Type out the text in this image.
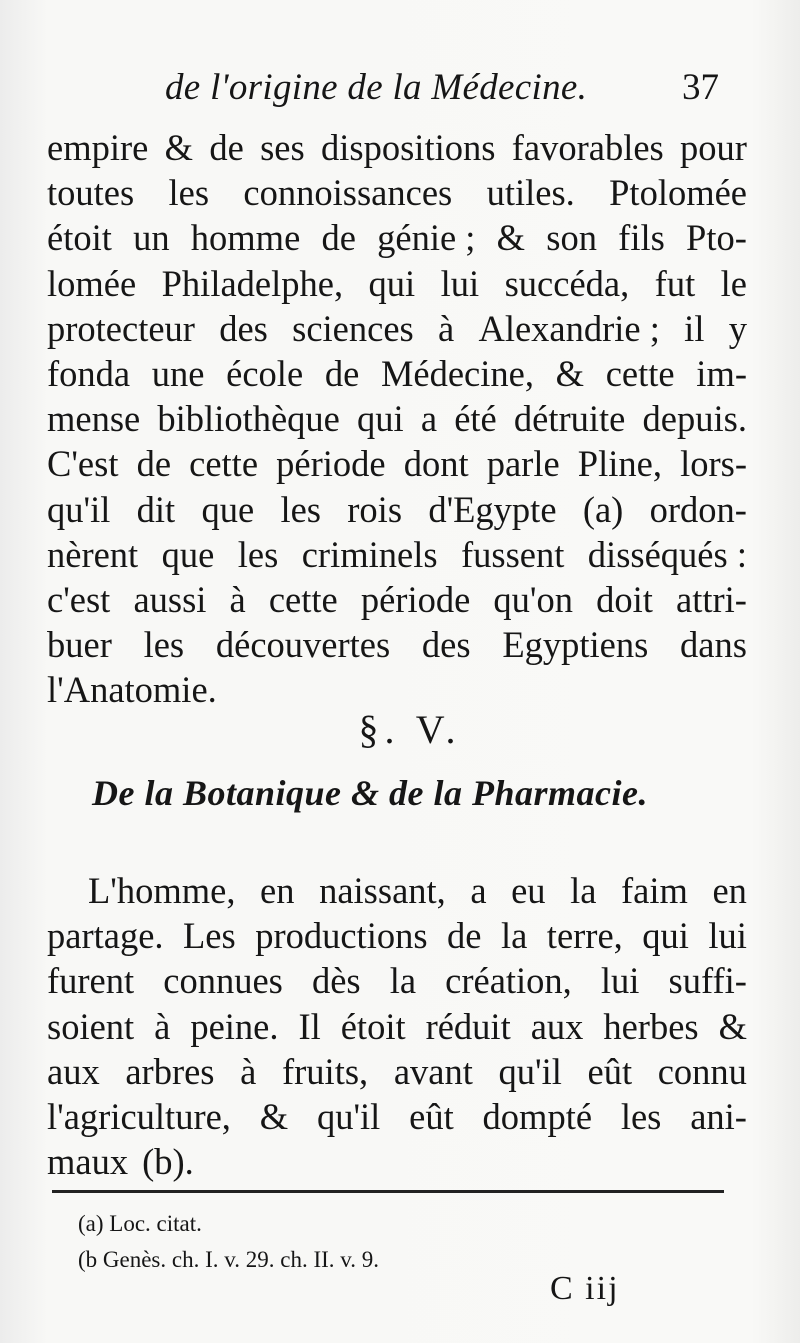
de l'origine de la Médecine.	37
empire & de ses dispositions favorables pour
toutes les connoissances utiles. Ptolomée
étoit un homme de génie ; & son fils Pto-
lomée Philadelphe, qui lui succéda, fut le
protecteur des sciences à Alexandrie ; il y
fonda une école de Médecine, & cette im-
mense bibliothèque qui a été détruite depuis.
C'est de cette période dont parle Pline, lors-
qu'il dit que les rois d'Egypte (a) ordon-
nèrent que les criminels fussent disséqués :
c'est aussi à cette période qu'on doit attri-
buer les découvertes des Egyptiens dans
l'Anatomie.
§. V.
De la Botanique & de la Pharmacie.
L'homme, en naissant, a eu la faim en
partage. Les productions de la terre, qui lui
furent connues dès la création, lui suffi-
soient à peine. Il étoit réduit aux herbes &
aux arbres à fruits, avant qu'il eût connu
l'agriculture, & qu'il eût dompté les ani-
maux (b).
(a) Loc. citat.
(b Genès. ch. I. v. 29. ch. II. v. 9.
C iij
